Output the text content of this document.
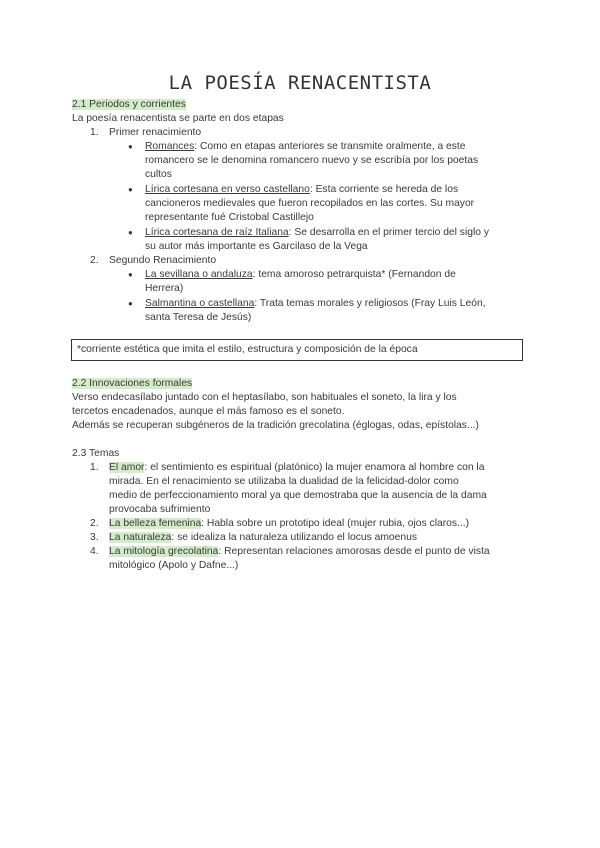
LA POESÍA RENACENTISTA
2.1 Periodos y corrientes
La poesía renacentista se parte en dos etapas
1. Primer renacimiento
● Romances: Como en etapas anteriores se transmite oralmente, a este
romancero se le denomina romancero nuevo y se escribía por los poetas
cultos
● Lírica cortesana en verso castellano: Esta corriente se hereda de los
cancioneros medievales que fueron recopilados en las cortes. Su mayor
representante fué Cristobal Castillejo
● Lírica cortesana de raíz Italiana: Se desarrolla en el primer tercio del siglo y
su autor más importante es Garcilaso de la Vega
2. Segundo Renacimiento
● La sevillana o andaluza: tema amoroso petrarquista* (Fernandon de
Herrera)
● Salmantina o castellana: Trata temas morales y religiosos (Fray Luis León,
santa Teresa de Jesús)
*corriente estética que imita el estilo, estructura y composición de la época
2.2 Innovaciones formales
Verso endecasílabo juntado con el heptasílabo, son habituales el soneto, la lira y los
tercetos encadenados, aunque el más famoso es el soneto.
Además se recuperan subgéneros de la tradición grecolatina (églogas, odas, epístolas...)
2.3 Temas
1. El amor: el sentimiento es espiritual (platónico) la mujer enamora al hombre con la
mirada. En el renacimiento se utilizaba la dualidad de la felicidad-dolor como
medio de perfeccionamiento moral ya que demostraba que la ausencia de la dama
provocaba sufrimiento
2. La belleza femenina: Habla sobre un prototipo ideal (mujer rubia, ojos claros...)
3. La naturaleza: se idealiza la naturaleza utilizando el locus amoenus
4. La mitología grecolatina: Representan relaciones amorosas desde el punto de vista
mitológico (Apolo y Dafne...)
